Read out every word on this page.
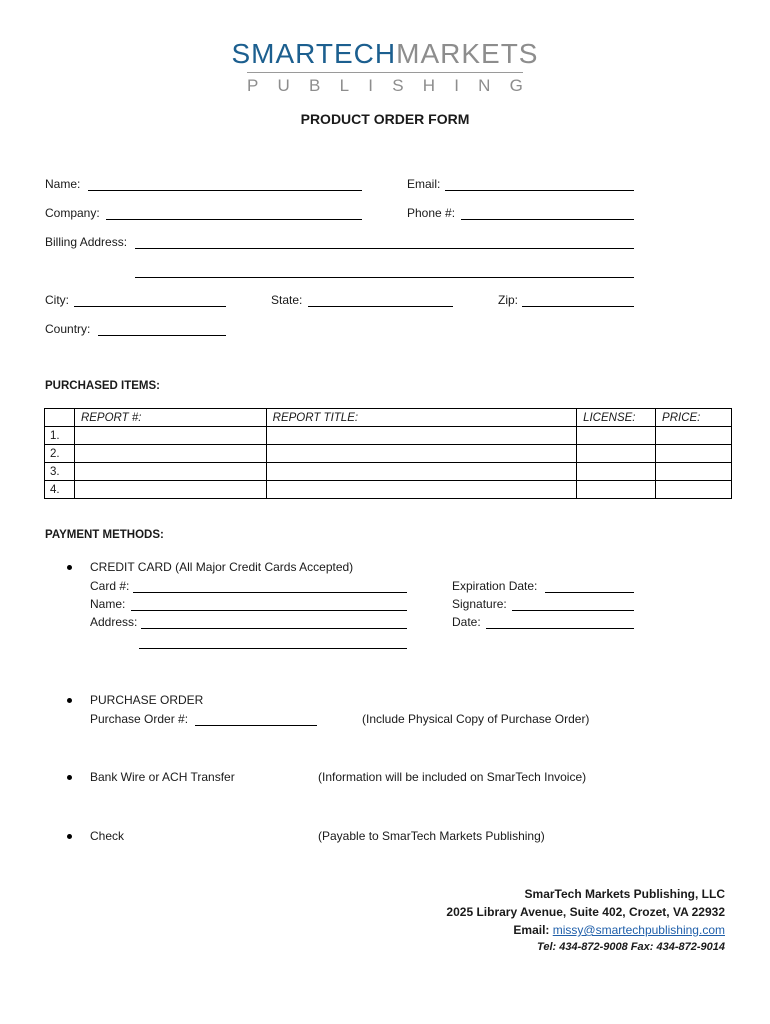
SMARTECHMARKETS
P U B L I S H I N G
PRODUCT ORDER FORM
Name:	Email:
Company:	Phone #:
Billing Address:
City:	State:	Zip:
Country:
PURCHASED ITEMS:
	REPORT #:	REPORT TITLE:	LICENSE:	PRICE:
1.				
2.				
3.				
4.				
PAYMENT METHODS:
CREDIT CARD (All Major Credit Cards Accepted)
Card #:
Name:
Address:
Expiration Date:
Signature:
Date:
PURCHASE ORDER
Purchase Order #:	(Include Physical Copy of Purchase Order)
Bank Wire or ACH Transfer	(Information will be included on SmarTech Invoice)
Check	(Payable to SmarTech Markets Publishing)
SmarTech Markets Publishing, LLC
2025 Library Avenue, Suite 402, Crozet, VA 22932
Email: missy@smartechpublishing.com
Tel: 434-872-9008 Fax: 434-872-9014
